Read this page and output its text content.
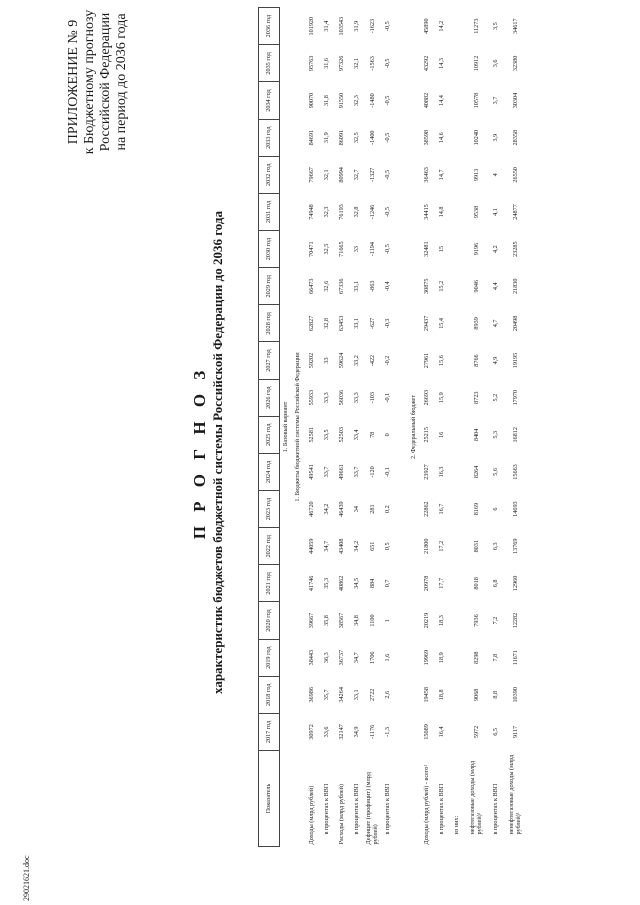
29021621.doc
ПРИЛОЖЕНИЕ № 9 к Бюджетному прогнозу Российской Федерации на период до 2036 года
П Р О Г Н О З характеристик бюджетов бюджетной системы Российской Федерации до 2036 года
Показатель	2017 год	2018 год	2019 год	2020 год	2021 год	2022 год	2023 год	2024 год	2025 год	2026 год	2027 год	2028 год	2029 год	2030 год	2031 год	2032 год	2033 год	2034 год	2035 год	2036 год
1. Базовый вариант																				
1. Бюджеты бюджетной системы Российской Федерации																				
Доходы (млрд рублей)	30972	36986	38443	39667	41746	44059	46720	49541	52581	55933	59202	62827	66473	70471	74948	79667	84691	90070	95763	101920
в процентах к ВВП	33,6	35,7	36,3	35,8	35,3	34,7	34,2	33,7	33,5	33,3	33	32,8	32,6	32,5	32,3	32,1	31,9	31,8	31,6	31,4
Расходы (млрд рублей)	32147	34264	36737	38567	40862	43408	46439	49661	52503	56036	59624	63453	67336	71665	76193	80994	86091	91550	97326	103543
в процентах к ВВП	34,9	33,1	34,7	34,8	34,5	34,2	34	33,7	33,4	33,3	33,2	33,1	33,1	33	32,8	32,7	32,5	32,3	32,1	31,9
Дефицит (профицит) (млрд рублей)	-1176	2722	1706	1100	884	651	281	-120	78	-103	-422	-627	-863	-1194	-1246	-1327	-1400	-1480	-1563	-1623
в процентах к ВВП	-1,3	2,6	1,6	1	0,7	0,5	0,2	-0,1	0	-0,1	-0,2	-0,3	-0,4	-0,5	-0,5	-0,5	-0,5	-0,5	-0,5	-0,5

2. Федеральный бюджет																				
Доходы (млрд рублей) - всего¹	15089	19458	19969	20219	20978	21800	22862	23927	25215	26693	27961	29437	30875	32481	34415	36463	38598	40882	43292	45890
в процентах к ВВП	16,4	18,8	18,9	18,3	17,7	17,2	16,7	16,3	16	15,9	15,6	15,4	15,2	15	14,8	14,7	14,6	14,4	14,3	14,2
из них:																				
нефтегазовые доходы (млрд рублей)¹	5972	9068	8298	7936	8018	8031	8169	8264	8404	8723	8766	8939	9046	9196	9538	9913	10240	10578	10912	11273
в процентах к ВВП	6,5	8,8	7,8	7,2	6,8	6,3	6	5,6	5,3	5,2	4,9	4,7	4,4	4,2	4,1	4	3,9	3,7	3,6	3,5
ненефтегазовые доходы (млрд рублей)¹	9117	10390	11671	12282	12960	13769	14693	15663	16812	17970	19195	20498	21830	23285	24877	26550	28358	30304	32380	34617
